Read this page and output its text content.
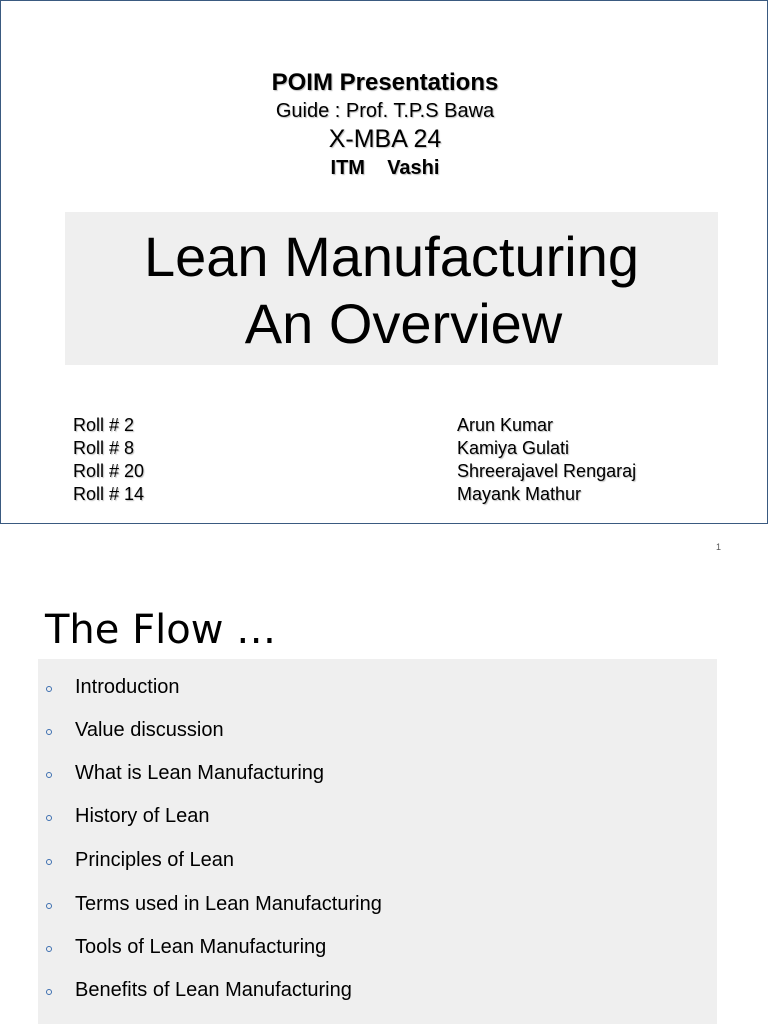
POIM Presentations
Guide : Prof. T.P.S Bawa
X-MBA 24
ITM    Vashi
Lean Manufacturing
An Overview
Roll # 2
Roll # 8
Roll # 20
Roll # 14
Arun Kumar
Kamiya Gulati
Shreerajavel Rengaraj
Mayank Mathur
1
The Flow …
Introduction
Value discussion
What is Lean Manufacturing
History of Lean
Principles of Lean
Terms used in Lean Manufacturing
Tools of Lean Manufacturing
Benefits of Lean Manufacturing
